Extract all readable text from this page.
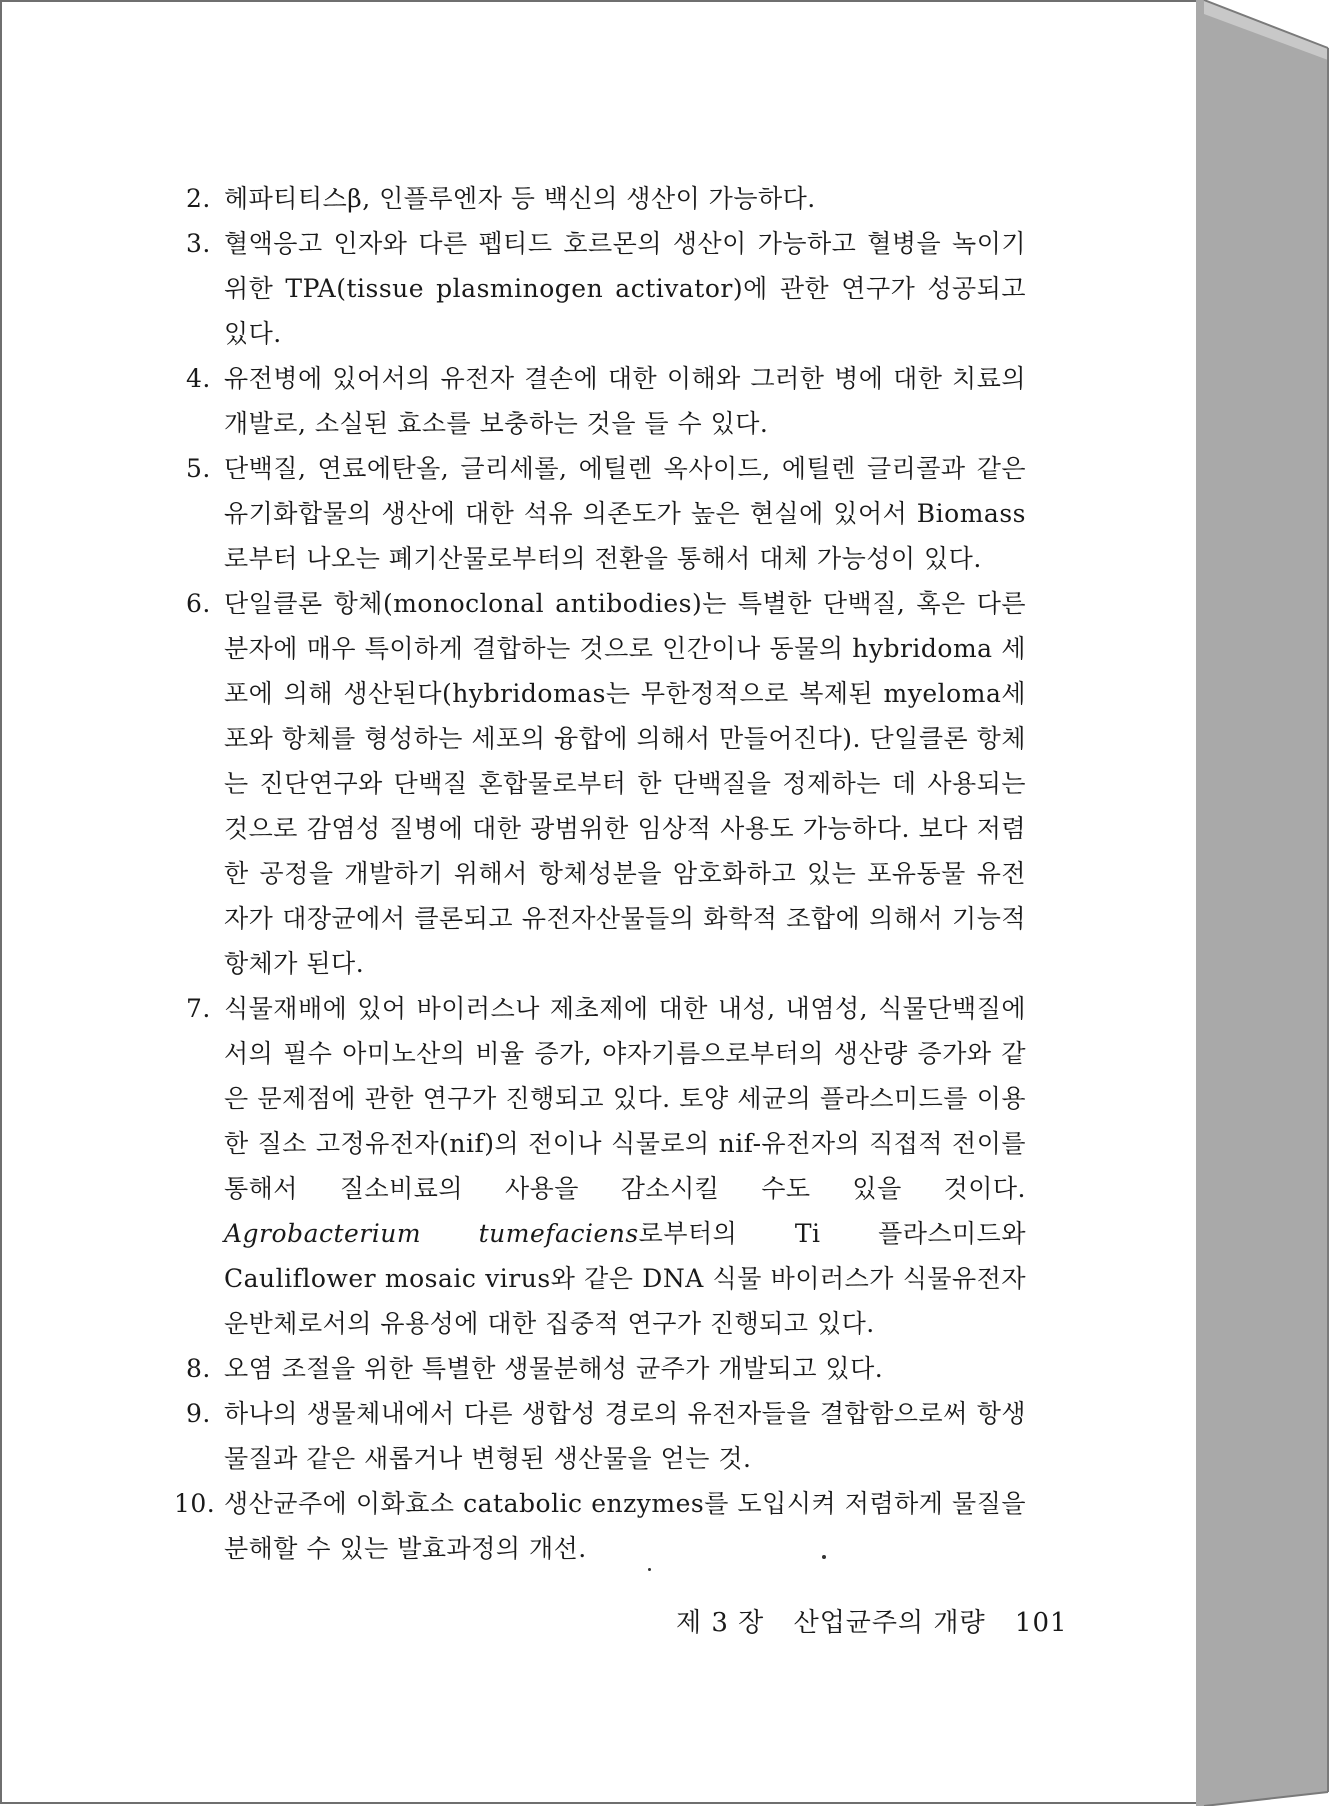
2. 헤파티티스β, 인플루엔자 등 백신의 생산이 가능하다.
3. 혈액응고 인자와 다른 펩티드 호르몬의 생산이 가능하고 혈병을 녹이기 위한 TPA(tissue plasminogen activator)에 관한 연구가 성공되고 있다.
4. 유전병에 있어서의 유전자 결손에 대한 이해와 그러한 병에 대한 치료의 개발로, 소실된 효소를 보충하는 것을 들 수 있다.
5. 단백질, 연료에탄올, 글리세롤, 에틸렌 옥사이드, 에틸렌 글리콜과 같은 유기화합물의 생산에 대한 석유 의존도가 높은 현실에 있어서 Biomass로부터 나오는 폐기산물로부터의 전환을 통해서 대체 가능성이 있다.
6. 단일클론 항체(monoclonal antibodies)는 특별한 단백질, 혹은 다른 분자에 매우 특이하게 결합하는 것으로 인간이나 동물의 hybridoma 세포에 의해 생산된다(hybridomas는 무한정적으로 복제된 myeloma세포와 항체를 형성하는 세포의 융합에 의해서 만들어진다). 단일클론 항체는 진단연구와 단백질 혼합물로부터 한 단백질을 정제하는 데 사용되는 것으로 감염성 질병에 대한 광범위한 임상적 사용도 가능하다. 보다 저렴한 공정을 개발하기 위해서 항체성분을 암호화하고 있는 포유동물 유전자가 대장균에서 클론되고 유전자산물들의 화학적 조합에 의해서 기능적 항체가 된다.
7. 식물재배에 있어 바이러스나 제초제에 대한 내성, 내염성, 식물단백질에서의 필수 아미노산의 비율 증가, 야자기름으로부터의 생산량 증가와 같은 문제점에 관한 연구가 진행되고 있다. 토양 세균의 플라스미드를 이용한 질소 고정유전자(nif)의 전이나 식물로의 nif-유전자의 직접적 전이를 통해서 질소비료의 사용을 감소시킬 수도 있을 것이다. Agrobacterium tumefaciens로부터의 Ti 플라스미드와 Cauliflower mosaic virus와 같은 DNA 식물 바이러스가 식물유전자 운반체로서의 유용성에 대한 집중적 연구가 진행되고 있다.
8. 오염 조절을 위한 특별한 생물분해성 균주가 개발되고 있다.
9. 하나의 생물체내에서 다른 생합성 경로의 유전자들을 결합함으로써 항생물질과 같은 새롭거나 변형된 생산물을 얻는 것.
10. 생산균주에 이화효소 catabolic enzymes를 도입시켜 저렴하게 물질을 분해할 수 있는 발효과정의 개선.
제 3 장 산업균주의 개량 101
